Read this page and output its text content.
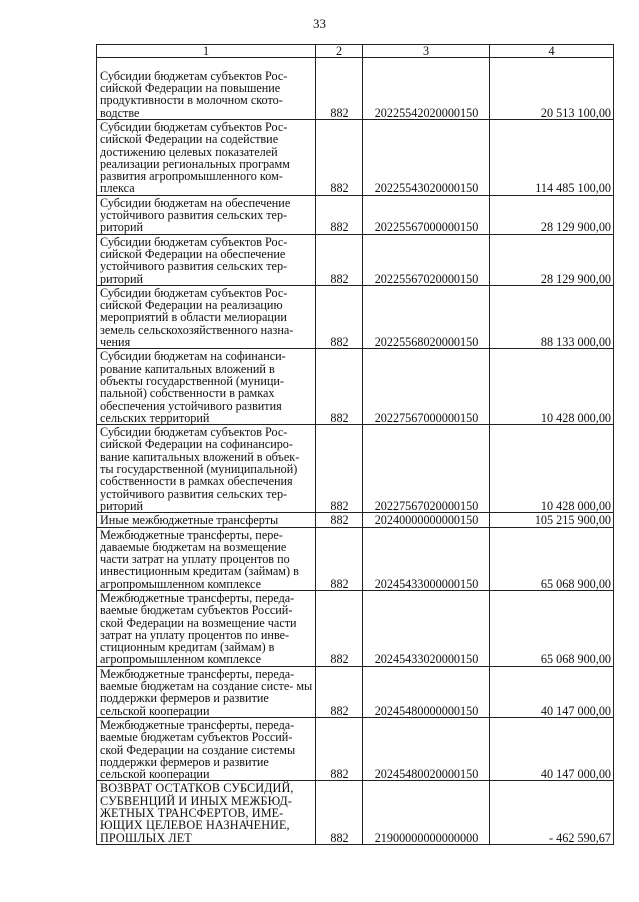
33
1	2	3	4
Субсидии бюджетам субъектов Рос- сийской Федерации на повышение продуктивности в молочном ското- водстве	882	20225542020000150	20 513 100,00
Субсидии бюджетам субъектов Рос- сийской Федерации на содействие достижению целевых показателей реализации региональных программ развития агропромышленного ком- плекса	882	20225543020000150	114 485 100,00
Субсидии бюджетам на обеспечение устойчивого развития сельских тер- риторий	882	20225567000000150	28 129 900,00
Субсидии бюджетам субъектов Рос- сийской Федерации на обеспечение устойчивого развития сельских тер- риторий	882	20225567020000150	28 129 900,00
Субсидии бюджетам субъектов Рос- сийской Федерации на реализацию мероприятий в области мелиорации земель сельскохозяйственного назна- чения	882	20225568020000150	88 133 000,00
Субсидии бюджетам на софинанси- рование капитальных вложений в объекты государственной (муници- пальной) собственности в рамках обеспечения устойчивого развития сельских территорий	882	20227567000000150	10 428 000,00
Субсидии бюджетам субъектов Рос- сийской Федерации на софинансиро- вание капитальных вложений в объек- ты государственной (муниципальной) собственности в рамках обеспечения устойчивого развития сельских тер- риторий	882	20227567020000150	10 428 000,00
Иные межбюджетные трансферты	882	20240000000000150	105 215 900,00
Межбюджетные трансферты, пере- даваемые бюджетам на возмещение части затрат на уплату процентов по инвестиционным кредитам (займам) в агропромышленном комплексе	882	20245433000000150	65 068 900,00
Межбюджетные трансферты, переда- ваемые бюджетам субъектов Россий- ской Федерации на возмещение части затрат на уплату процентов по инве- стиционным кредитам (займам) в агропромышленном комплексе	882	20245433020000150	65 068 900,00
Межбюджетные трансферты, переда- ваемые бюджетам на создание систе- мы поддержки фермеров и развитие сельской кооперации	882	20245480000000150	40 147 000,00
Межбюджетные трансферты, переда- ваемые бюджетам субъектов Россий- ской Федерации на создание системы поддержки фермеров и развитие сельской кооперации	882	20245480020000150	40 147 000,00
ВОЗВРАТ ОСТАТКОВ СУБСИДИЙ, СУБВЕНЦИЙ И ИНЫХ МЕЖБЮД- ЖЕТНЫХ ТРАНСФЕРТОВ, ИМЕ- ЮЩИХ ЦЕЛЕВОЕ НАЗНАЧЕНИЕ, ПРОШЛЫХ ЛЕТ	882	21900000000000000	- 462 590,67
